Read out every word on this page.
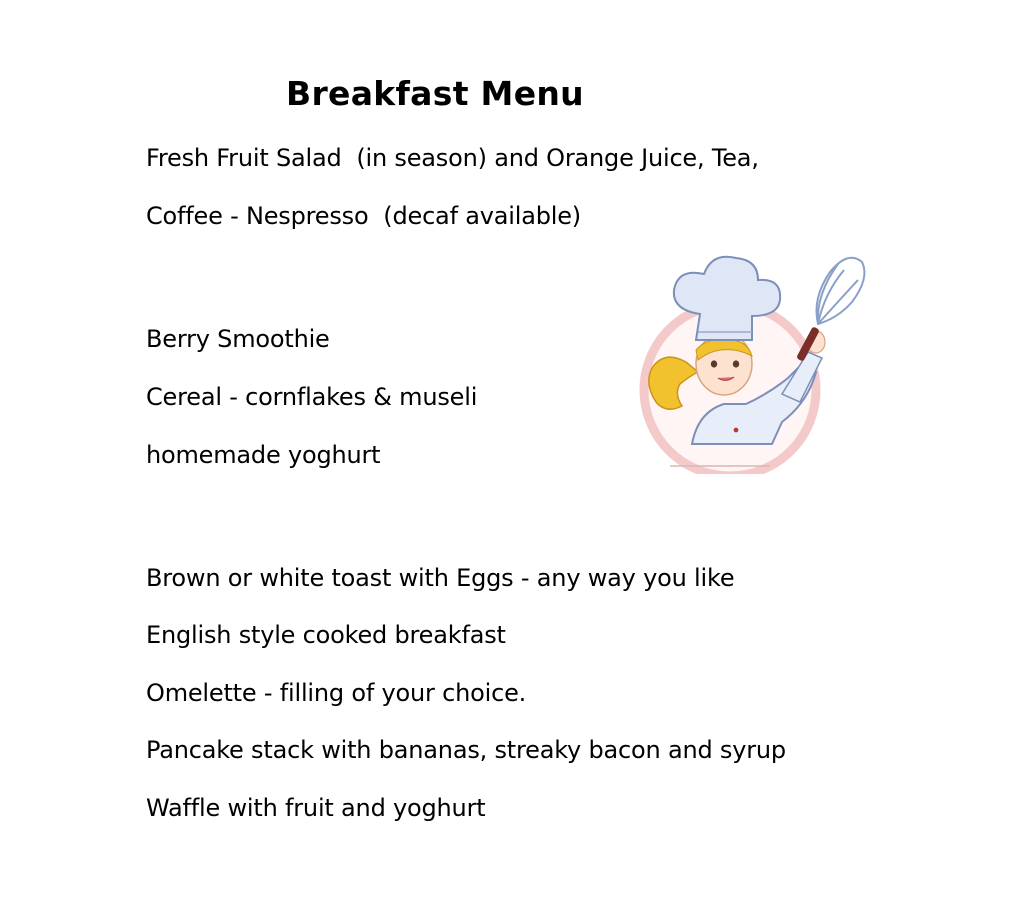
Breakfast Menu
Fresh Fruit Salad  (in season) and Orange Juice, Tea,
Coffee - Nespresso  (decaf available)
Berry Smoothie
Cereal - cornflakes & museli
homemade yoghurt
Brown or white toast with Eggs - any way you like
English style cooked breakfast
Omelette - filling of your choice.
Pancake stack with bananas, streaky bacon and syrup
Waffle with fruit and yoghurt
